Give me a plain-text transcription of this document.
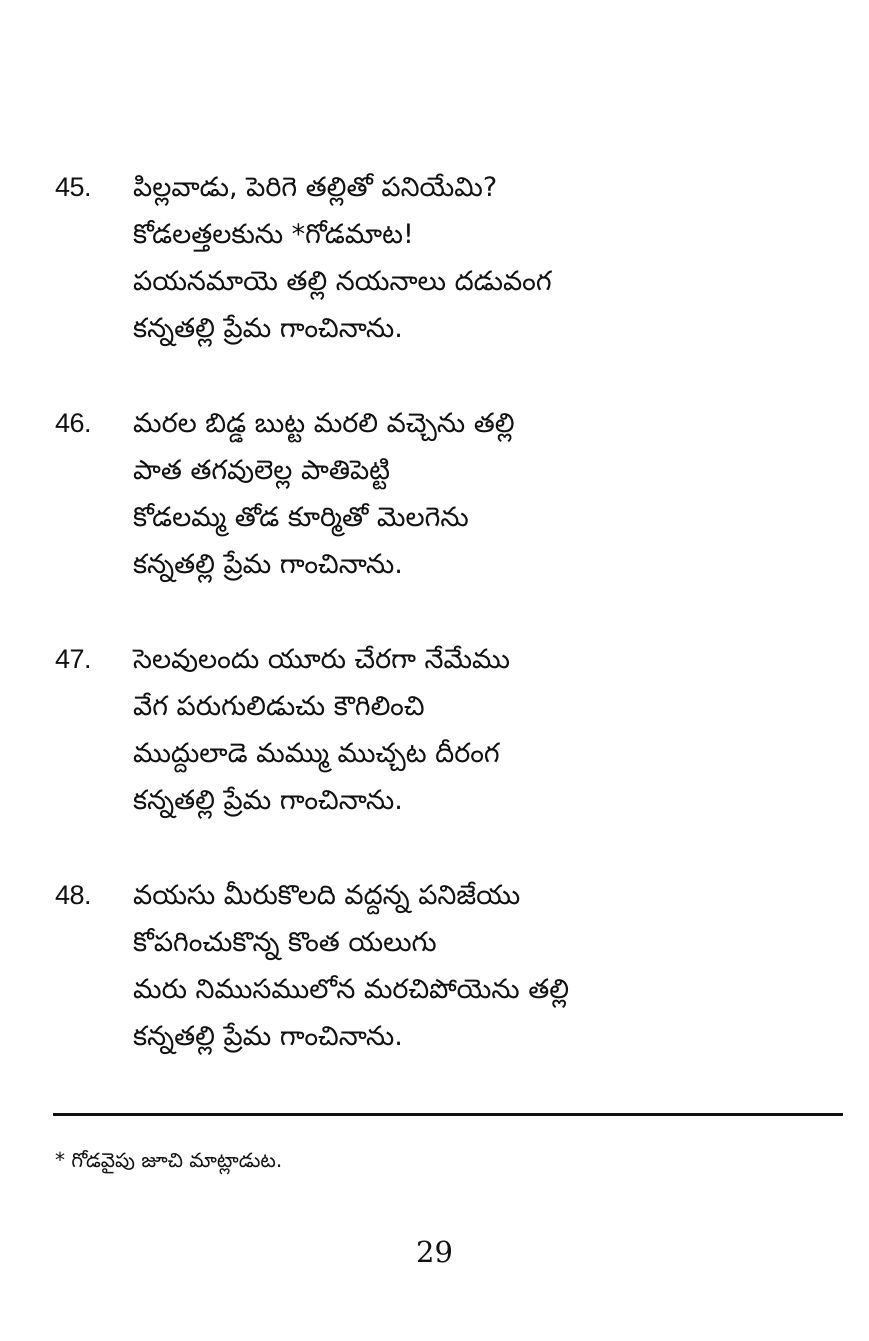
45. పిల్లవాడు, పెరిగె తల్లితో పనియేమి?
కోడలత్తలకును *గోడమాట!
పయనమాయె తల్లి నయనాలు దడువంగ
కన్నతల్లి ప్రేమ గాంచినాను.
46. మరల బిడ్డ బుట్ట మరలి వచ్చెను తల్లి
పాత తగవులెల్ల పాతిపెట్టి
కోడలమ్మ తోడ కూర్మితో మెలగెను
కన్నతల్లి ప్రేమ గాంచినాను.
47. సెలవులందు యూరు చేరగా నేమేము
వేగ పరుగులిడుచు కౌగిలించి
ముద్దులాడె మమ్ము ముచ్చట దీరంగ
కన్నతల్లి ప్రేమ గాంచినాను.
48. వయసు మీరుకొలది వద్దన్న పనిజేయు
కోపగించుకొన్న కొంత యలుగు
మరు నిముసములోన మరచిపోయెను తల్లి
కన్నతల్లి ప్రేమ గాంచినాను.
* గోడవైపు జూచి మాట్లాడుట.
29
